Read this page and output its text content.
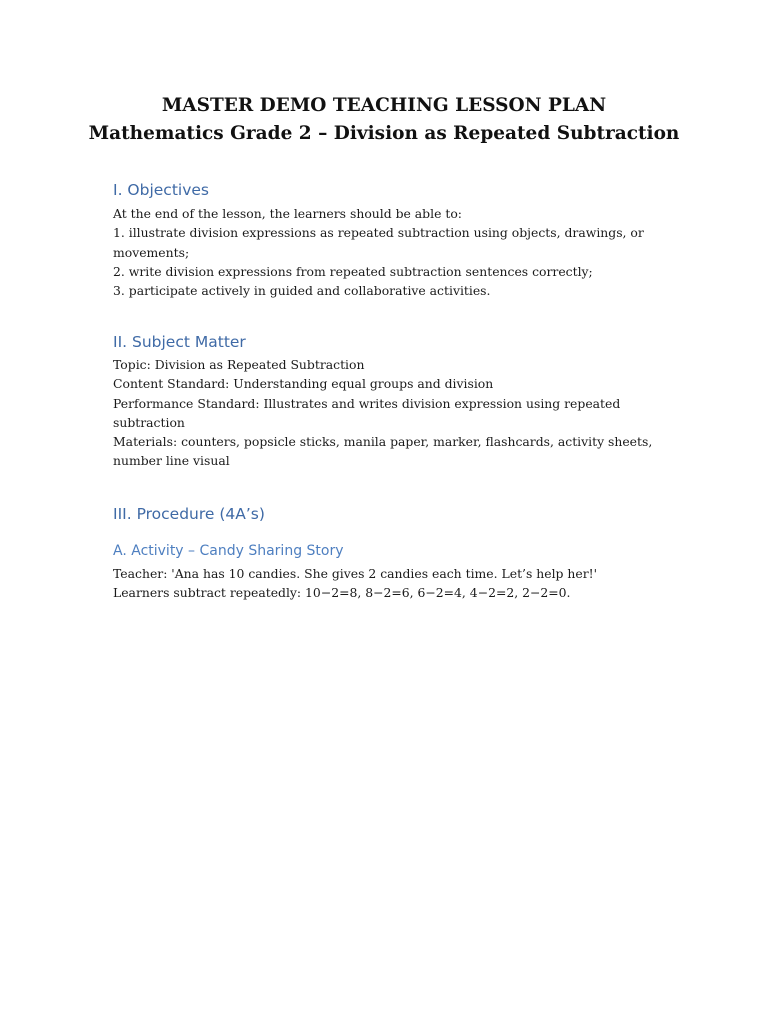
MASTER DEMO TEACHING LESSON PLAN
Mathematics Grade 2 – Division as Repeated Subtraction
I. Objectives
At the end of the lesson, the learners should be able to:
1. illustrate division expressions as repeated subtraction using objects, drawings, or
movements;
2. write division expressions from repeated subtraction sentences correctly;
3. participate actively in guided and collaborative activities.
II. Subject Matter
Topic: Division as Repeated Subtraction
Content Standard: Understanding equal groups and division
Performance Standard: Illustrates and writes division expression using repeated
subtraction
Materials: counters, popsicle sticks, manila paper, marker, flashcards, activity sheets,
number line visual
III. Procedure (4A’s)
A. Activity – Candy Sharing Story
Teacher: 'Ana has 10 candies. She gives 2 candies each time. Let’s help her!'
Learners subtract repeatedly: 10−2=8, 8−2=6, 6−2=4, 4−2=2, 2−2=0.
